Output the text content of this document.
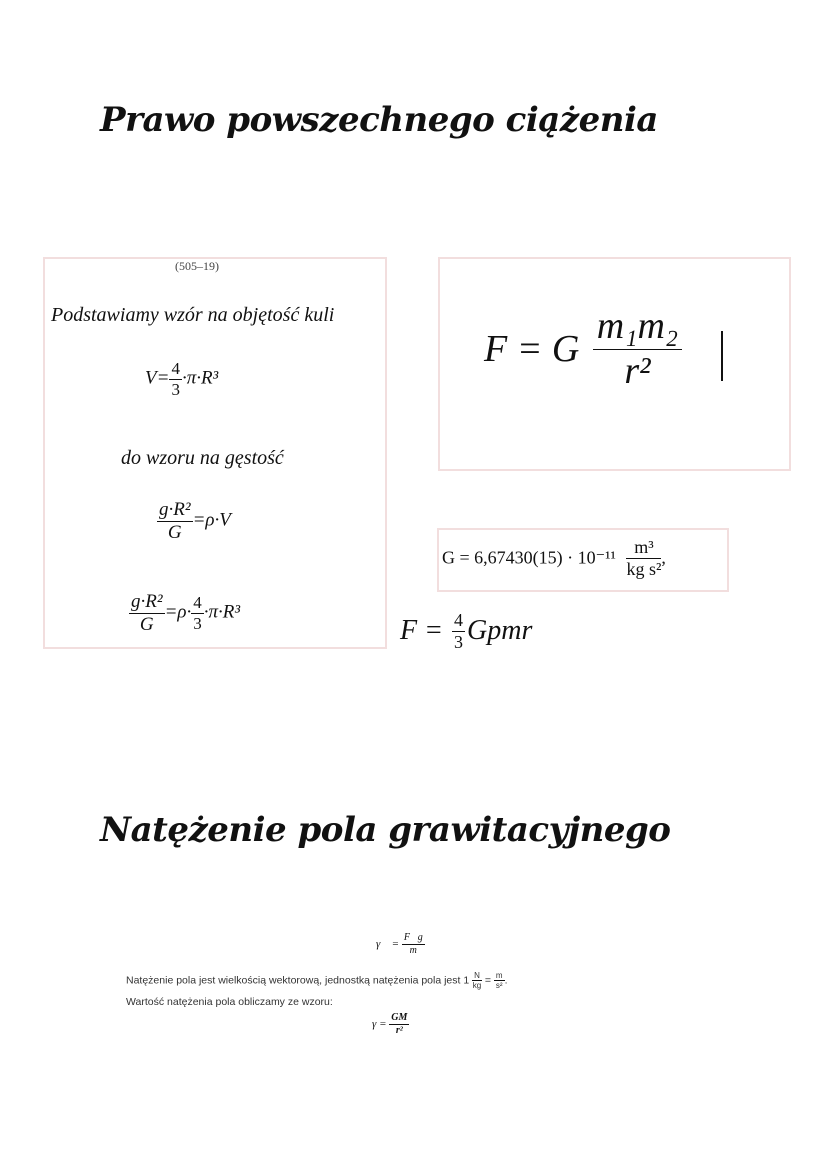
Prawo powszechnego ciążenia
(505–19)
Podstawiamy wzór na objętość kuli
$V= \frac{4}{3} \cdot\pi\cdot R^3$
do wzoru na gęstość
$\frac{\text{g·R²}}{G} =\rho\cdot V$
$\frac{\text{g·R²}}{G} =\rho\cdot \frac{4}{3} \cdot\pi\cdot R^3$
F = G $\frac{\text{m₁m₂}}{\text{r²}}$
$G = 6,67430(15) \cdot 10^{-11} \frac{\text{m³}}{\text{kg s²}}$ ,
$F = \frac{4}{3}$ Gpmr
Natężenie pola grawitacyjnego
γ⃗ = $\frac{F⃗g}{m}$
Natężenie pola jest wielkością wektorową, jednostką natężenia pola jest $1 \frac{N}{kg} = \frac{m}{\text{s²}}$ .
Wartość natężenia pola obliczamy ze wzoru:
$\gamma = \frac{GM}{\text{r²}}$
